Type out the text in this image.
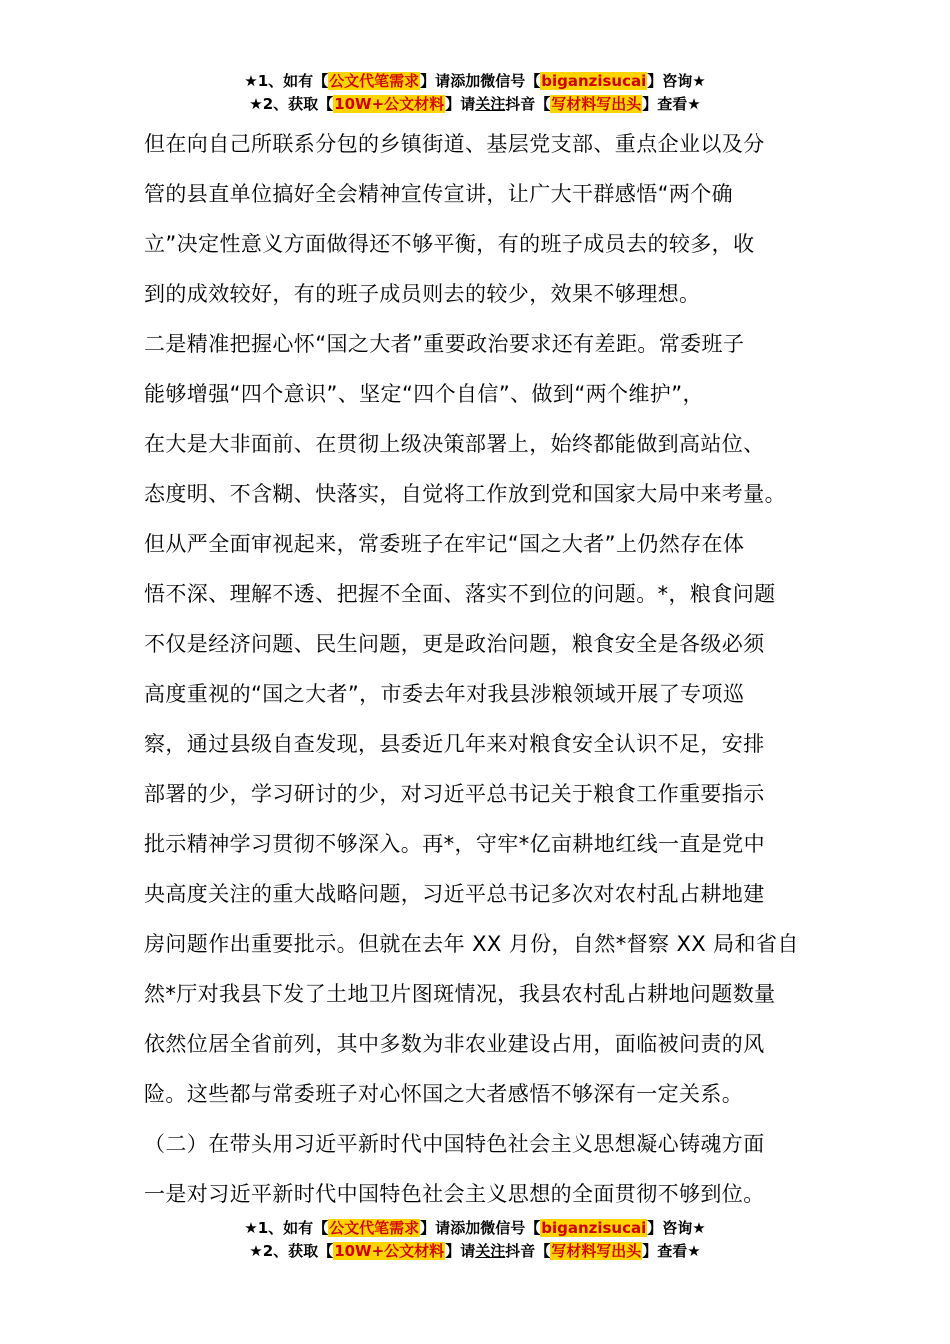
★1、如有【公文代笔需求】请添加微信号【biganzisucai】咨询★
★2、获取【10W+公文材料】请关注抖音【写材料写出头】查看★
但在向自己所联系分包的乡镇街道、基层党支部、重点企业以及分
管的县直单位搞好全会精神宣传宣讲，让广大干群感悟“两个确
立”决定性意义方面做得还不够平衡，有的班子成员去的较多，收
到的成效较好，有的班子成员则去的较少，效果不够理想。
二是精准把握心怀“国之大者”重要政治要求还有差距。常委班子
能够增强“四个意识”、坚定“四个自信”、做到“两个维护”，
在大是大非面前、在贯彻上级决策部署上，始终都能做到高站位、
态度明、不含糊、快落实，自觉将工作放到党和国家大局中来考量。
但从严全面审视起来，常委班子在牢记“国之大者”上仍然存在体
悟不深、理解不透、把握不全面、落实不到位的问题。*，粮食问题
不仅是经济问题、民生问题，更是政治问题，粮食安全是各级必须
高度重视的“国之大者”，市委去年对我县涉粮领域开展了专项巡
察，通过县级自查发现，县委近几年来对粮食安全认识不足，安排
部署的少，学习研讨的少，对习近平总书记关于粮食工作重要指示
批示精神学习贯彻不够深入。再*，守牢*亿亩耕地红线一直是党中
央高度关注的重大战略问题，习近平总书记多次对农村乱占耕地建
房问题作出重要批示。但就在去年 XX 月份，自然*督察 XX 局和省自
然*厅对我县下发了土地卫片图斑情况，我县农村乱占耕地问题数量
依然位居全省前列，其中多数为非农业建设占用，面临被问责的风
险。这些都与常委班子对心怀国之大者感悟不够深有一定关系。
（二）在带头用习近平新时代中国特色社会主义思想凝心铸魂方面
一是对习近平新时代中国特色社会主义思想的全面贯彻不够到位。
★1、如有【公文代笔需求】请添加微信号【biganzisucai】咨询★
★2、获取【10W+公文材料】请关注抖音【写材料写出头】查看★
